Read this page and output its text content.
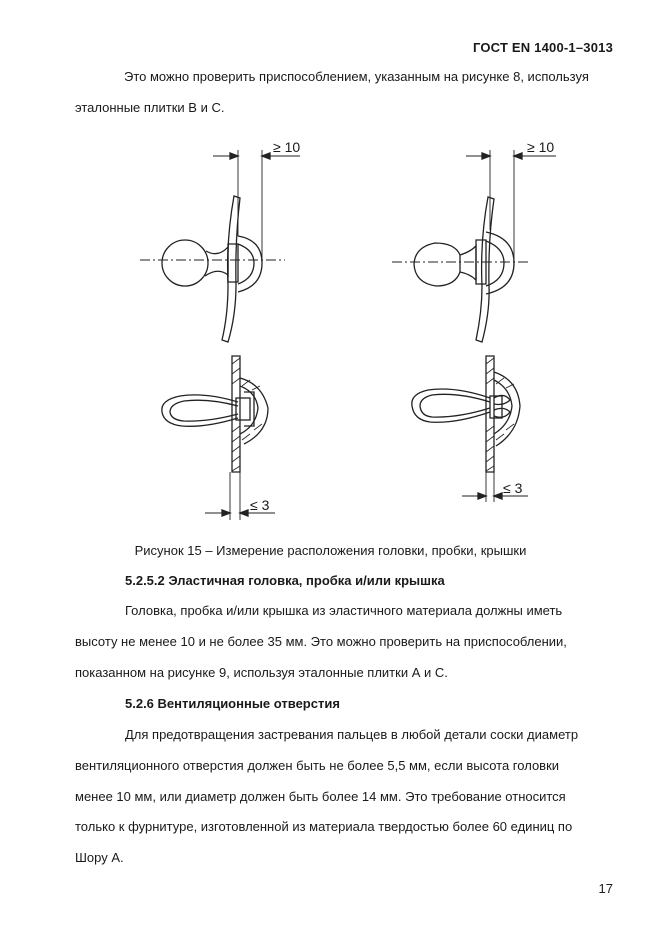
ГОСТ EN 1400-1–3013
Это можно проверить приспособлением, указанным на рисунке 8, используя
эталонные плитки В и С.
≥ 10	≥ 10
≤ 3
≤ 3
Рисунок 15 – Измерение расположения головки, пробки, крышки
5.2.5.2 Эластичная головка, пробка и/или крышка
Головка, пробка и/или крышка из эластичного материала должны иметь
высоту не менее 10 и не более 35 мм. Это можно проверить на приспособлении,
показанном на рисунке 9, используя эталонные плитки А и С.
5.2.6 Вентиляционные отверстия
Для предотвращения застревания пальцев в любой детали соски диаметр
вентиляционного отверстия должен быть не более 5,5 мм, если высота головки
менее 10 мм, или диаметр должен быть более 14 мм. Это требование относится
только к фурнитуре, изготовленной из материала твердостью более 60 единиц по
Шору А.
17
